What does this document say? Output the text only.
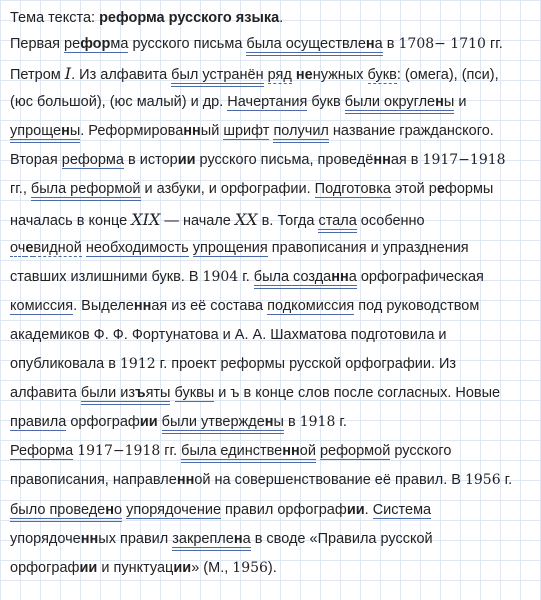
Тема текста: реформа русского языка.
Первая реформа русского письма была осуществлена в 1708− 1710 гг.
Петром I. Из алфавита был устранён ряд ненужных букв: (омега), (пси),
(юс большой), (юс малый) и др. Начертания букв были округлены и
упрощены. Реформированный шрифт получил название гражданского.
Вторая реформа в истории русского письма, проведённая в 1917−1918
гг., была реформой и азбуки, и орфографии. Подготовка этой реформы
началась в конце XIX — начале XX в. Тогда стала особенно
очевидной необходимость упрощения правописания и упразднения
ставших излишними букв. В 1904 г. была созданна орфографическая
комиссия. Выделенная из её состава подкомиссия под руководством
академиков Ф. Ф. Фортунатова и А. А. Шахматова подготовила и
опубликовала в 1912 г. проект реформы русской орфографии. Из
алфавита были изъяты буквы и ъ в конце слов после согласных. Новые
правила орфографии были утверждены в 1918 г.
Реформа 1917−1918 гг. была единственной реформой русского
правописания, направленной на совершенствование её правил. В 1956 г.
было проведено упорядочение правил орфографии. Система
упорядоченных правил закреплена в своде «Правила русской
орфографии и пунктуации» (М., 1956).
